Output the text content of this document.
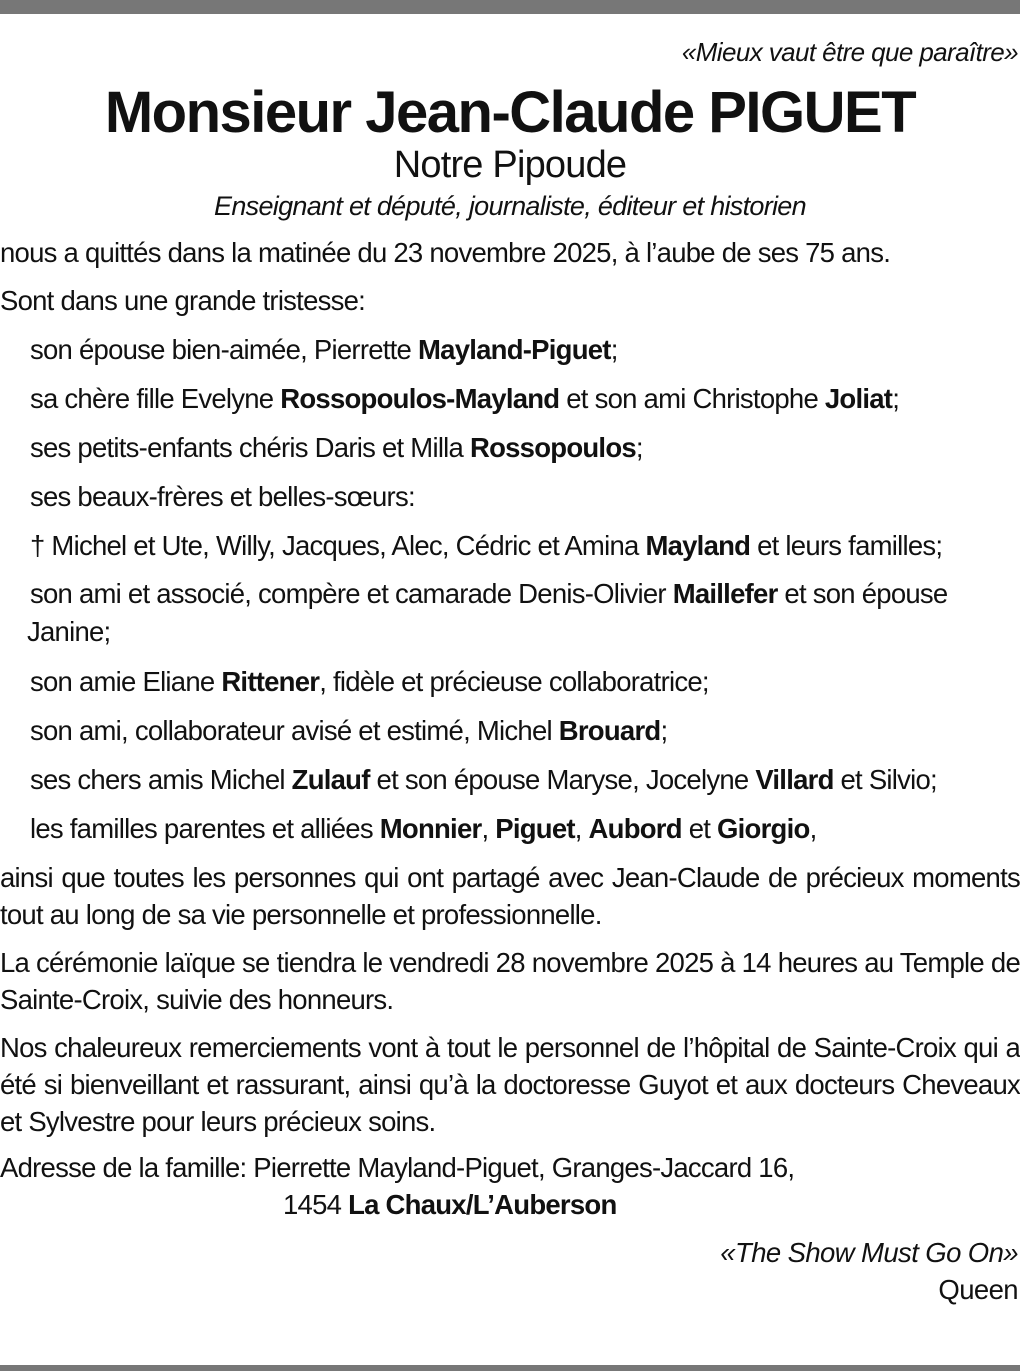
«Mieux vaut être que paraître»
Monsieur Jean-Claude PIGUET
Notre Pipoude
Enseignant et député, journaliste, éditeur et historien
nous a quittés dans la matinée du 23 novembre 2025, à l’aube de ses 75 ans.
Sont dans une grande tristesse:
son épouse bien-aimée, Pierrette Mayland-Piguet;
sa chère fille Evelyne Rossopoulos-Mayland et son ami Christophe Joliat;
ses petits-enfants chéris Daris et Milla Rossopoulos;
ses beaux-frères et belles-sœurs:
† Michel et Ute, Willy, Jacques, Alec, Cédric et Amina Mayland et leurs familles;
son ami et associé, compère et camarade Denis-Olivier Maillefer et son épouse
Janine;
son amie Eliane Rittener, fidèle et précieuse collaboratrice;
son ami, collaborateur avisé et estimé, Michel Brouard;
ses chers amis Michel Zulauf et son épouse Maryse, Jocelyne Villard et Silvio;
les familles parentes et alliées Monnier, Piguet, Aubord et Giorgio,
ainsi que toutes les personnes qui ont partagé avec Jean-Claude de précieux moments tout au long de sa vie personnelle et professionnelle.
La cérémonie laïque se tiendra le vendredi 28 novembre 2025 à 14 heures au Temple de Sainte-Croix, suivie des honneurs.
Nos chaleureux remerciements vont à tout le personnel de l’hôpital de Sainte-Croix qui a été si bienveillant et rassurant, ainsi qu’à la doctoresse Guyot et aux docteurs Cheveaux et Sylvestre pour leurs précieux soins.
Adresse de la famille: Pierrette Mayland-Piguet, Granges-Jaccard 16,
1454 La Chaux/L’Auberson
«The Show Must Go On»
Queen
